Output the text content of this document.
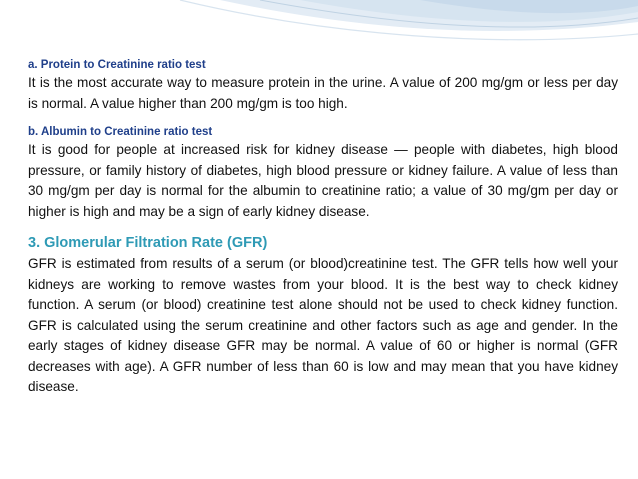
a. Protein to Creatinine ratio test

It is the most accurate way to measure protein in the urine. A value of 200 mg/gm or less per day is normal. A value higher than 200 mg/gm is too high.

b. Albumin to Creatinine ratio test

It is good for people at increased risk for kidney disease — people with diabetes, high blood pressure, or family history of diabetes, high blood pressure or kidney failure. A value of less than 30 mg/gm per day is normal for the albumin to creatinine ratio; a value of 30 mg/gm per day or higher is high and may be a sign of early kidney disease.

3. Glomerular Filtration Rate (GFR)

GFR is estimated from results of a serum (or blood)creatinine test. The GFR tells how well your kidneys are working to remove wastes from your blood. It is the best way to check kidney function. A serum (or blood) creatinine test alone should not be used to check kidney function. GFR is calculated using the serum creatinine and other factors such as age and gender. In the early stages of kidney disease GFR may be normal. A value of 60 or higher is normal (GFR decreases with age). A GFR number of less than 60 is low and may mean that you have kidney disease.
